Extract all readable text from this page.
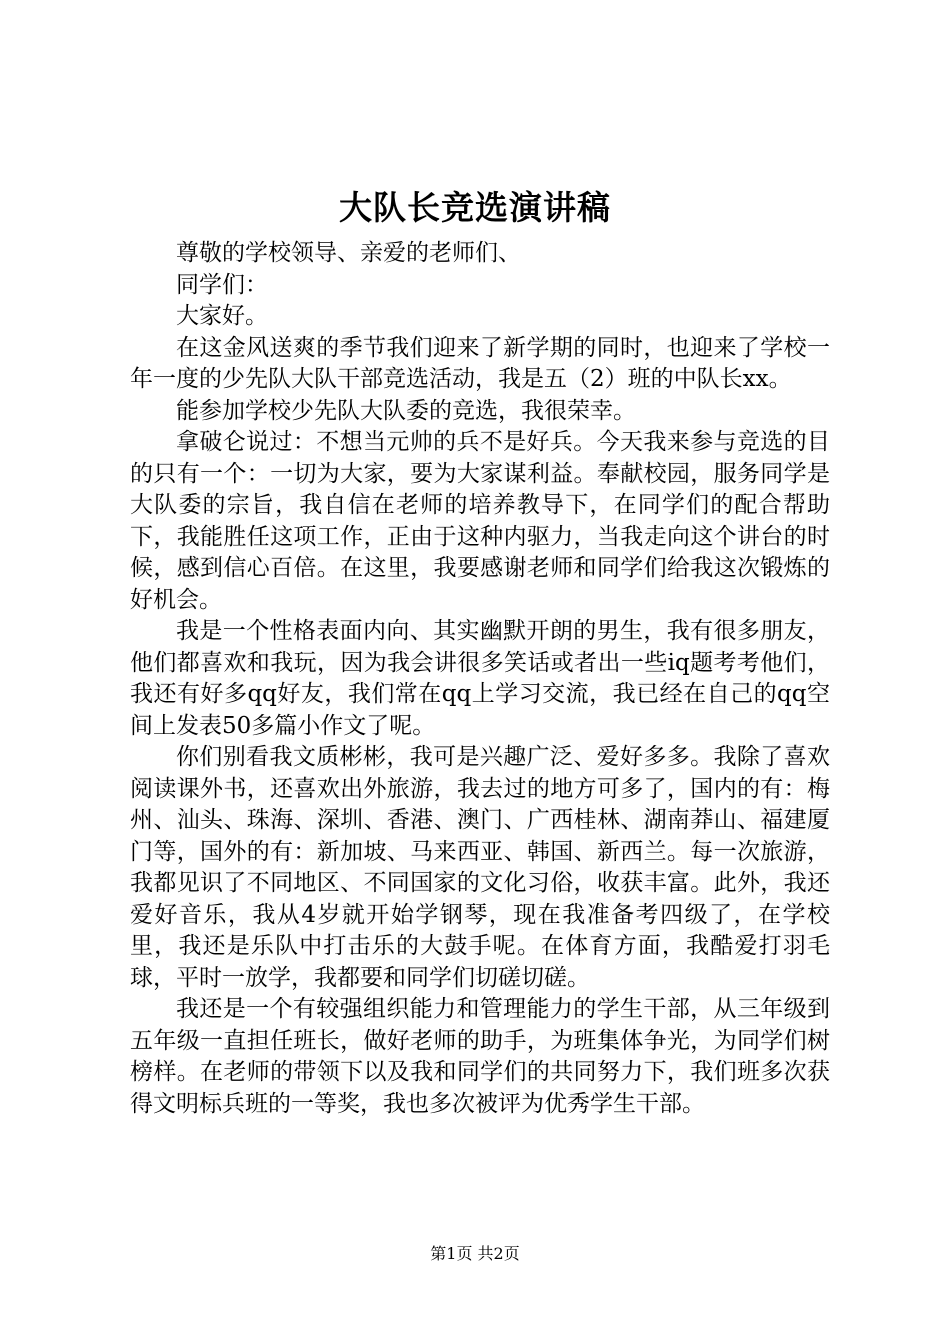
大队长竞选演讲稿

尊敬的学校领导、亲爱的老师们、

同学们：

大家好。

在这金风送爽的季节我们迎来了新学期的同时，也迎来了学校一年一度的少先队大队干部竞选活动，我是五（2）班的中队长xx。

能参加学校少先队大队委的竞选，我很荣幸。

拿破仑说过：不想当元帅的兵不是好兵。今天我来参与竞选的目的只有一个：一切为大家，要为大家谋利益。奉献校园，服务同学是大队委的宗旨，我自信在老师的培养教导下，在同学们的配合帮助下，我能胜任这项工作，正由于这种内驱力，当我走向这个讲台的时候，感到信心百倍。在这里，我要感谢老师和同学们给我这次锻炼的好机会。

我是一个性格表面内向、其实幽默开朗的男生，我有很多朋友，他们都喜欢和我玩，因为我会讲很多笑话或者出一些iq题考考他们，我还有好多qq好友，我们常在qq上学习交流，我已经在自己的qq空间上发表50多篇小作文了呢。

你们别看我文质彬彬，我可是兴趣广泛、爱好多多。我除了喜欢阅读课外书，还喜欢出外旅游，我去过的地方可多了，国内的有：梅州、汕头、珠海、深圳、香港、澳门、广西桂林、湖南莽山、福建厦门等，国外的有：新加坡、马来西亚、韩国、新西兰。每一次旅游，我都见识了不同地区、不同国家的文化习俗，收获丰富。此外，我还爱好音乐，我从4岁就开始学钢琴，现在我准备考四级了，在学校里，我还是乐队中打击乐的大鼓手呢。在体育方面，我酷爱打羽毛球，平时一放学，我都要和同学们切磋切磋。

我还是一个有较强组织能力和管理能力的学生干部，从三年级到五年级一直担任班长，做好老师的助手，为班集体争光，为同学们树榜样。在老师的带领下以及我和同学们的共同努力下，我们班多次获得文明标兵班的一等奖，我也多次被评为优秀学生干部。

第1页 共2页
